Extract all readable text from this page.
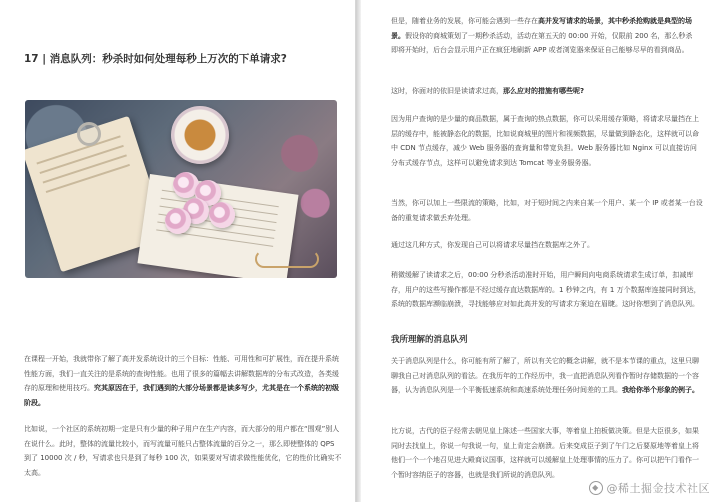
17 | 消息队列：秒杀时如何处理每秒上万次的下单请求?
在课程一开始，我就带你了解了高并发系统设计的三个目标：性能、可用性和可扩展性，而在提升系统性能方面，我们一直关注的是系统的查询性能。也用了很多的篇幅去讲解数据库的分布式改造，各类缓存的原理和使用技巧。究其原因在于，我们遇到的大部分场景都是读多写少，尤其是在一个系统的初级阶段。
比如说，一个社区的系统初期一定是只有少量的种子用户在生产内容，而大部分的用户都在“围观”别人在说什么。此时，整体的流量比较小，而写流量可能只占整体流量的百分之一，那么即使整体的 QPS 到了 10000 次 / 秒，写请求也只是到了每秒 100 次，如果要对写请求做性能优化，它的性价比确实不太高。
但是，随着业务的发展，你可能会遇到一些存在高并发写请求的场景，其中秒杀抢购就是典型的场景。假设你的商城策划了一期秒杀活动，活动在第五天的 00:00 开始，仅限前 200 名，那么秒杀即将开始时，后台会显示用户正在疯狂地刷新 APP 或者浏览器来保证自己能够尽早的看到商品。
这时，你面对的依旧是读请求过高，那么应对的措施有哪些呢?
因为用户查询的是少量的商品数据，属于查询的热点数据，你可以采用缓存策略，将请求尽量挡在上层的缓存中，能被静态化的数据，比如说商城里的图片和视频数据，尽量做到静态化，这样就可以命中 CDN 节点缓存，减少 Web 服务器的查询量和带宽负担。Web 服务器比如 Nginx 可以直接访问分布式缓存节点，这样可以避免请求到达 Tomcat 等业务服务器。
当然，你可以加上一些限流的策略，比如，对于短时间之内来自某一个用户、某一个 IP 或者某一台设备的重复请求做丢弃处理。
通过这几种方式，你发现自己可以将请求尽量挡在数据库之外了。
稍微缓解了读请求之后，00:00 分秒杀活动准时开始，用户瞬间向电商系统请求生成订单，扣减库存，用户的这些写操作都是不经过缓存直达数据库的。1 秒钟之内，有 1 万个数据库连接同时到达，系统的数据库濒临崩溃，寻找能够应对如此高并发的写请求方案迫在眉睫。这时你想到了消息队列。
我所理解的消息队列
关于消息队列是什么，你可能有所了解了，所以有关它的概念讲解，就不是本节课的重点，这里只聊聊我自己对消息队列的看法。在我历年的工作经历中，我一直把消息队列看作暂时存储数据的一个容器，认为消息队列是一个平衡低速系统和高速系统处理任务时间差的工具。我给你举个形象的例子。
比方说，古代的臣子经常去朝见皇上陈述一些国家大事，等着皇上拍板做决策。但是大臣很多，如果同时去找皇上，你说一句我说一句，皇上肯定会崩溃。后来变成臣子到了午门之后要原地等着皇上将他们一个一个地召见进大殿商议国事，这样就可以缓解皇上处理事情的压力了。你可以把午门看作一个暂时容纳臣子的容器，也就是我们所说的消息队列。
◆ @稀土掘金技术社区
